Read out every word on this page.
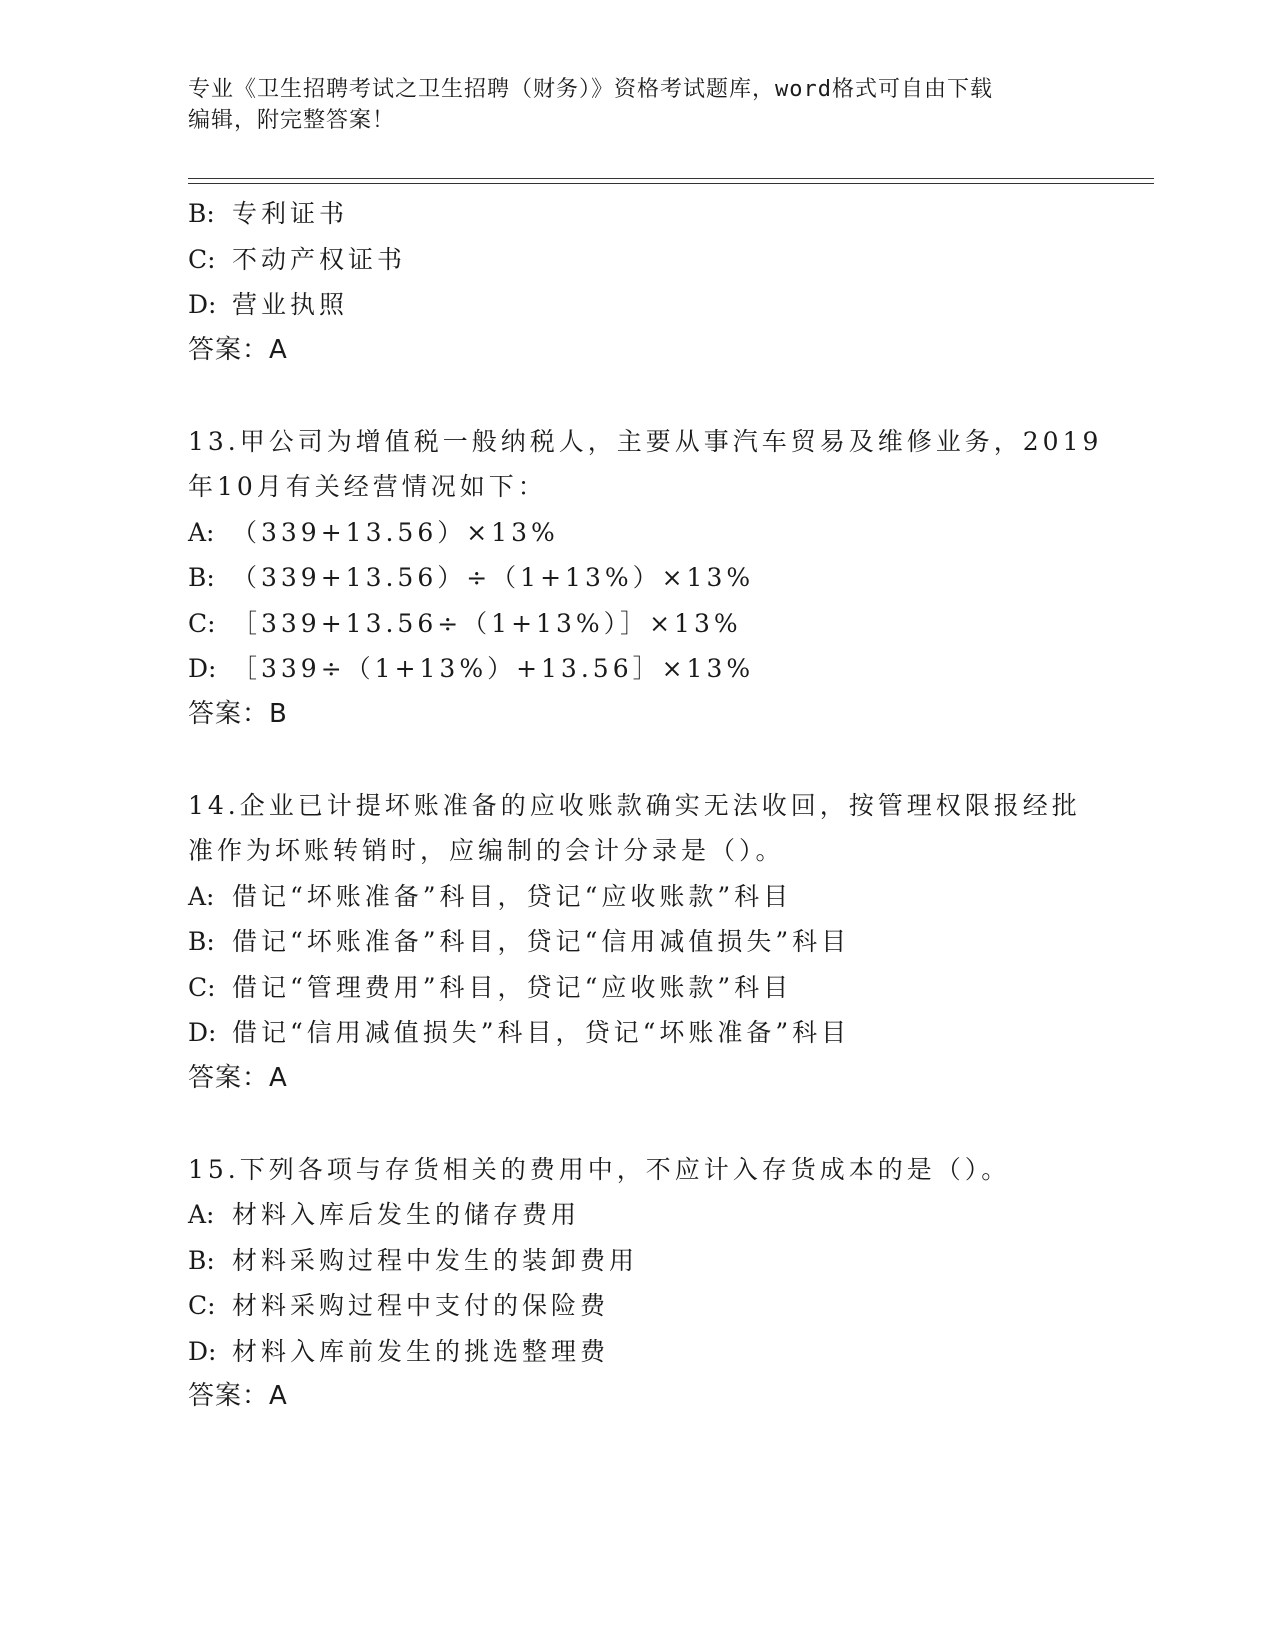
专业《卫生招聘考试之卫生招聘（财务）》资格考试题库，word格式可自由下载
编辑，附完整答案！
B: 专利证书
C: 不动产权证书
D: 营业执照
答案：A
13.甲公司为增值税一般纳税人，主要从事汽车贸易及维修业务，2019
年10月有关经营情况如下：
A: （339+13.56）×13%
B: （339+13.56）÷（1+13%）×13%
C: ［339+13.56÷（1+13%）］×13%
D: ［339÷（1+13%）+13.56］×13%
答案：B
14.企业已计提坏账准备的应收账款确实无法收回，按管理权限报经批
准作为坏账转销时，应编制的会计分录是（）。
A: 借记“坏账准备”科目，贷记“应收账款”科目
B: 借记“坏账准备”科目，贷记“信用减值损失”科目
C: 借记“管理费用”科目，贷记“应收账款”科目
D: 借记“信用减值损失”科目，贷记“坏账准备”科目
答案：A
15.下列各项与存货相关的费用中，不应计入存货成本的是（）。
A: 材料入库后发生的储存费用
B: 材料采购过程中发生的装卸费用
C: 材料采购过程中支付的保险费
D: 材料入库前发生的挑选整理费
答案：A
